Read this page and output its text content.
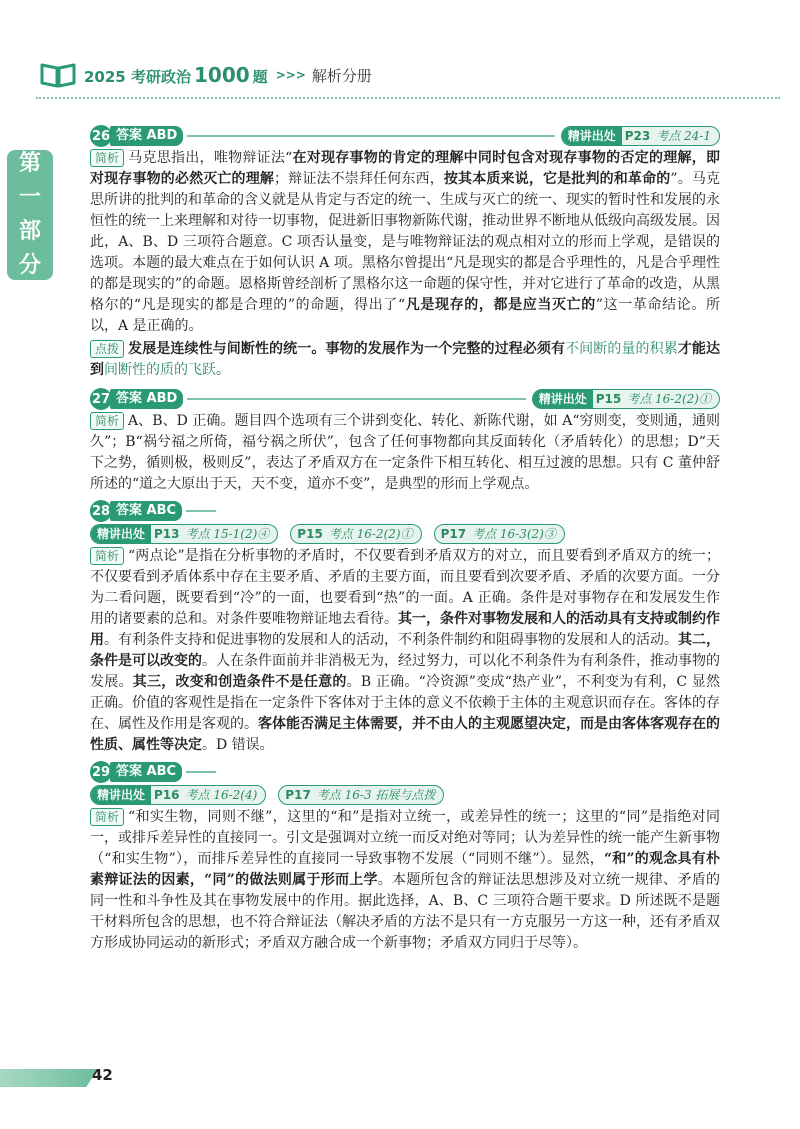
2025 考研政治 1000 题 >>> 解析分册
第
一
部
分
26 答案 ABD	精讲出处 P23 考点 24-1

简析 马克思指出，唯物辩证法“在对现存事物的肯定的理解中同时包含对现存事物的否定的理解，即对现存事物的必然灭亡的理解；辩证法不崇拜任何东西，按其本质来说，它是批判的和革命的”。马克思所讲的批判的和革命的含义就是从肯定与否定的统一、生成与灭亡的统一、现实的暂时性和发展的永恒性的统一上来理解和对待一切事物，促进新旧事物新陈代谢，推动世界不断地从低级向高级发展。因此，A、B、D 三项符合题意。C 项否认量变，是与唯物辩证法的观点相对立的形而上学观，是错误的选项。本题的最大难点在于如何认识 A 项。黑格尔曾提出“凡是现实的都是合乎理性的，凡是合乎理性的都是现实的”的命题。恩格斯曾经剖析了黑格尔这一命题的保守性，并对它进行了革命的改造，从黑格尔的“凡是现实的都是合理的”的命题，得出了“凡是现存的，都是应当灭亡的”这一革命结论。所以，A 是正确的。

点拨 发展是连续性与间断性的统一。事物的发展作为一个完整的过程必须有不间断的量的积累才能达到间断性的质的飞跃。

27 答案 ABD	精讲出处 P15 考点 16-2(2)①

简析 A、B、D 正确。题目四个选项有三个讲到变化、转化、新陈代谢，如 A“穷则变，变则通，通则久”；B“祸兮福之所倚，福兮祸之所伏”，包含了任何事物都向其反面转化（矛盾转化）的思想；D“天下之势，循则极，极则反”，表达了矛盾双方在一定条件下相互转化、相互过渡的思想。只有 C 董仲舒所述的“道之大原出于天，天不变，道亦不变”，是典型的形而上学观点。

28 答案 ABC
精讲出处 P13 考点 15-1(2)④ P15 考点 16-2(2)① P17 考点 16-3(2)③

简析 “两点论”是指在分析事物的矛盾时，不仅要看到矛盾双方的对立，而且要看到矛盾双方的统一；不仅要看到矛盾体系中存在主要矛盾、矛盾的主要方面，而且要看到次要矛盾、矛盾的次要方面。一分为二看问题，既要看到“冷”的一面，也要看到“热”的一面。A 正确。条件是对事物存在和发展发生作用的诸要素的总和。对条件要唯物辩证地去看待。其一，条件对事物发展和人的活动具有支持或制约作用。有利条件支持和促进事物的发展和人的活动，不利条件制约和阻碍事物的发展和人的活动。其二，条件是可以改变的。人在条件面前并非消极无为，经过努力，可以化不利条件为有利条件，推动事物的发展。其三，改变和创造条件不是任意的。B 正确。“冷资源”变成“热产业”，不利变为有利，C 显然正确。价值的客观性是指在一定条件下客体对于主体的意义不依赖于主体的主观意识而存在。客体的存在、属性及作用是客观的。客体能否满足主体需要，并不由人的主观愿望决定，而是由客体客观存在的性质、属性等决定。D 错误。

29 答案 ABC
精讲出处 P16 考点 16-2(4) P17 考点 16-3 拓展与点拨

简析 “和实生物，同则不继”，这里的“和”是指对立统一，或差异性的统一；这里的“同”是指绝对同一，或排斥差异性的直接同一。引文是强调对立统一而反对绝对等同；认为差异性的统一能产生新事物（“和实生物”），而排斥差异性的直接同一导致事物不发展（“同则不继”）。显然，“和”的观念具有朴素辩证法的因素，“同”的做法则属于形而上学。本题所包含的辩证法思想涉及对立统一规律、矛盾的同一性和斗争性及其在事物发展中的作用。据此选择，A、B、C 三项符合题干要求。D 所述既不是题干材料所包含的思想，也不符合辩证法（解决矛盾的方法不是只有一方克服另一方这一种，还有矛盾双方形成协同运动的新形式；矛盾双方融合成一个新事物；矛盾双方同归于尽等）。

42
